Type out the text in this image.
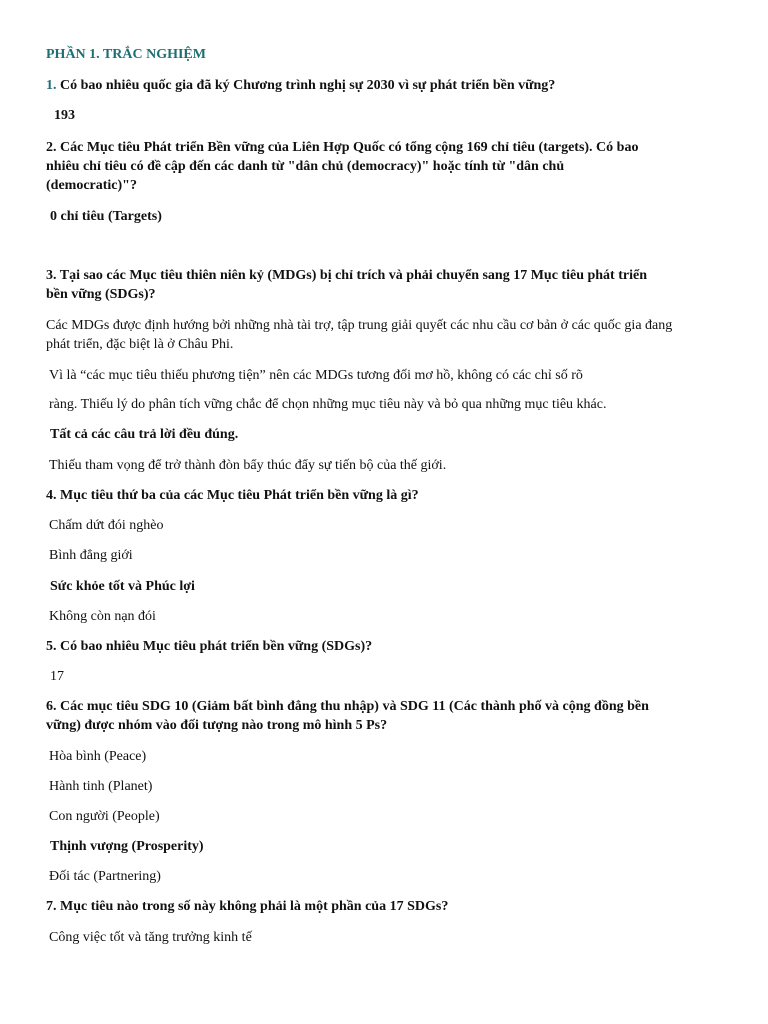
PHẦN 1. TRẮC NGHIỆM
1. Có bao nhiêu quốc gia đã ký Chương trình nghị sự 2030 vì sự phát triển bền vững?
193
2. Các Mục tiêu Phát triển Bền vững của Liên Hợp Quốc có tổng cộng 169 chỉ tiêu (targets). Có bao
nhiêu chỉ tiêu có đề cập đến các danh từ "dân chủ (democracy)" hoặc tính từ "dân chủ
(democratic)"?
0 chỉ tiêu (Targets)
3. Tại sao các Mục tiêu thiên niên kỷ (MDGs) bị chỉ trích và phải chuyển sang 17 Mục tiêu phát triển
bền vững (SDGs)?
Các MDGs được định hướng bởi những nhà tài trợ, tập trung giải quyết các nhu cầu cơ bản ở các quốc gia đang
phát triển, đặc biệt là ở Châu Phi.
Vì là “các mục tiêu thiếu phương tiện” nên các MDGs tương đối mơ hồ, không có các chỉ số rõ
ràng. Thiếu lý do phân tích vững chắc để chọn những mục tiêu này và bỏ qua những mục tiêu khác.
Tất cả các câu trả lời đều đúng.
Thiếu tham vọng để trở thành đòn bẩy thúc đẩy sự tiến bộ của thế giới.
4. Mục tiêu thứ ba của các Mục tiêu Phát triển bền vững là gì?
Chấm dứt đói nghèo
Bình đẳng giới
Sức khỏe tốt và Phúc lợi
Không còn nạn đói
5. Có bao nhiêu Mục tiêu phát triển bền vững (SDGs)?
17
6. Các mục tiêu SDG 10 (Giảm bất bình đẳng thu nhập) và SDG 11 (Các thành phố và cộng đồng bền
vững) được nhóm vào đối tượng nào trong mô hình 5 Ps?
Hòa bình (Peace)
Hành tinh (Planet)
Con người (People)
Thịnh vượng (Prosperity)
Đối tác (Partnering)
7. Mục tiêu nào trong số này không phải là một phần của 17 SDGs?
Công việc tốt và tăng trưởng kinh tế
